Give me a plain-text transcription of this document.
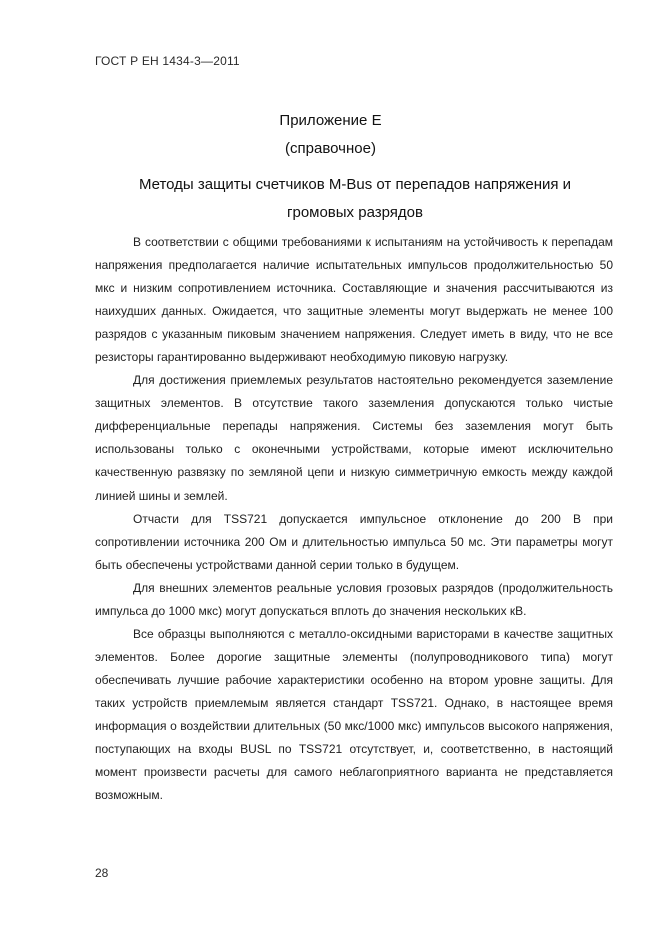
ГОСТ Р ЕН 1434-3—2011
Приложение Е
(справочное)
Методы защиты счетчиков M-Bus от перепадов напряжения и громовых разрядов

В соответствии с общими требованиями к испытаниям на устойчивость к перепадам напряжения предполагается наличие испытательных импульсов продолжительностью 50 мкс и низким сопротивлением источника. Составляющие и значения рассчитываются из наихудших данных. Ожидается, что защитные элементы могут выдержать не менее 100 разрядов с указанным пиковым значением напряжения. Следует иметь в виду, что не все резисторы гарантированно выдерживают необходимую пиковую нагрузку.

Для достижения приемлемых результатов настоятельно рекомендуется заземление защитных элементов. В отсутствие такого заземления допускаются только чистые дифференциальные перепады напряжения. Системы без заземления могут быть использованы только с оконечными устройствами, которые имеют исключительно качественную развязку по земляной цепи и низкую симметричную емкость между каждой линией шины и землей.

Отчасти для TSS721 допускается импульсное отклонение до 200 В при сопротивлении источника 200 Ом и длительностью импульса 50 мс. Эти параметры могут быть обеспечены устройствами данной серии только в будущем.

Для внешних элементов реальные условия грозовых разрядов (продолжительность импульса до 1000 мкс) могут допускаться вплоть до значения нескольких кВ.

Все образцы выполняются с металло-оксидными варисторами в качестве защитных элементов. Более дорогие защитные элементы (полупроводникового типа) могут обеспечивать лучшие рабочие характеристики особенно на втором уровне защиты. Для таких устройств приемлемым является стандарт TSS721. Однако, в настоящее время информация о воздействии длительных (50 мкс/1000 мкс) импульсов высокого напряжения, поступающих на входы BUSL по TSS721 отсутствует, и, соответственно, в настоящий момент произвести расчеты для самого неблагоприятного варианта не представляется возможным.

28
